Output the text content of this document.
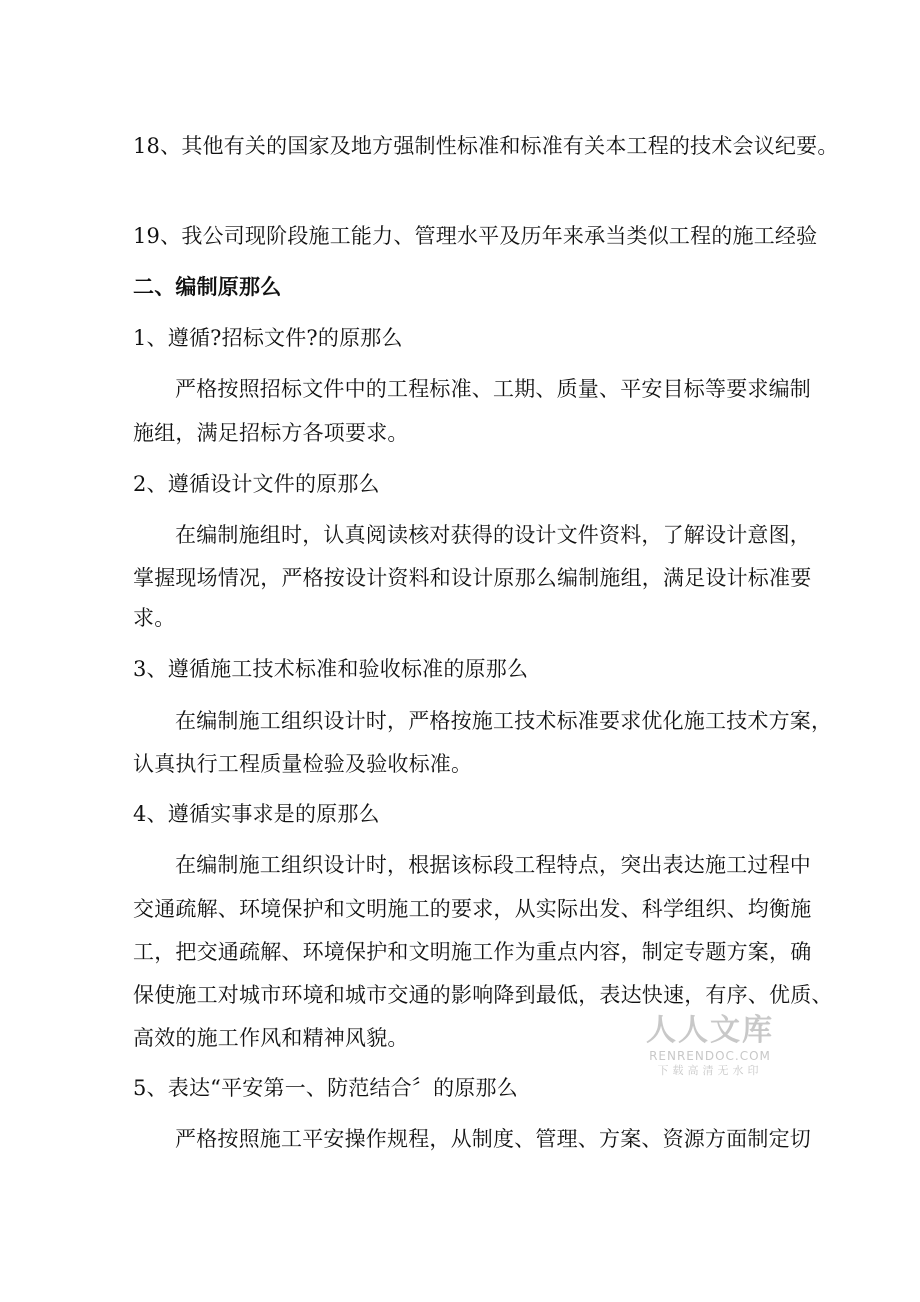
18、其他有关的国家及地方强制性标准和标准有关本工程的技术会议纪要。
19、我公司现阶段施工能力、管理水平及历年来承当类似工程的施工经验
二、编制原那么
1、遵循?招标文件?的原那么
严格按照招标文件中的工程标准、工期、质量、平安目标等要求编制
施组，满足招标方各项要求。
2、遵循设计文件的原那么
在编制施组时，认真阅读核对获得的设计文件资料，了解设计意图，
掌握现场情况，严格按设计资料和设计原那么编制施组，满足设计标准要
求。
3、遵循施工技术标准和验收标准的原那么
在编制施工组织设计时，严格按施工技术标准要求优化施工技术方案，
认真执行工程质量检验及验收标准。
4、遵循实事求是的原那么
在编制施工组织设计时，根据该标段工程特点，突出表达施工过程中
交通疏解、环境保护和文明施工的要求，从实际出发、科学组织、均衡施
工，把交通疏解、环境保护和文明施工作为重点内容，制定专题方案，确
保使施工对城市环境和城市交通的影响降到最低，表达快速，有序、优质、
高效的施工作风和精神风貌。
5、表达“平安第一、防范结合〞的原那么
严格按照施工平安操作规程，从制度、管理、方案、资源方面制定切
人人文库
RENRENDOC.COM
下载高清无水印
